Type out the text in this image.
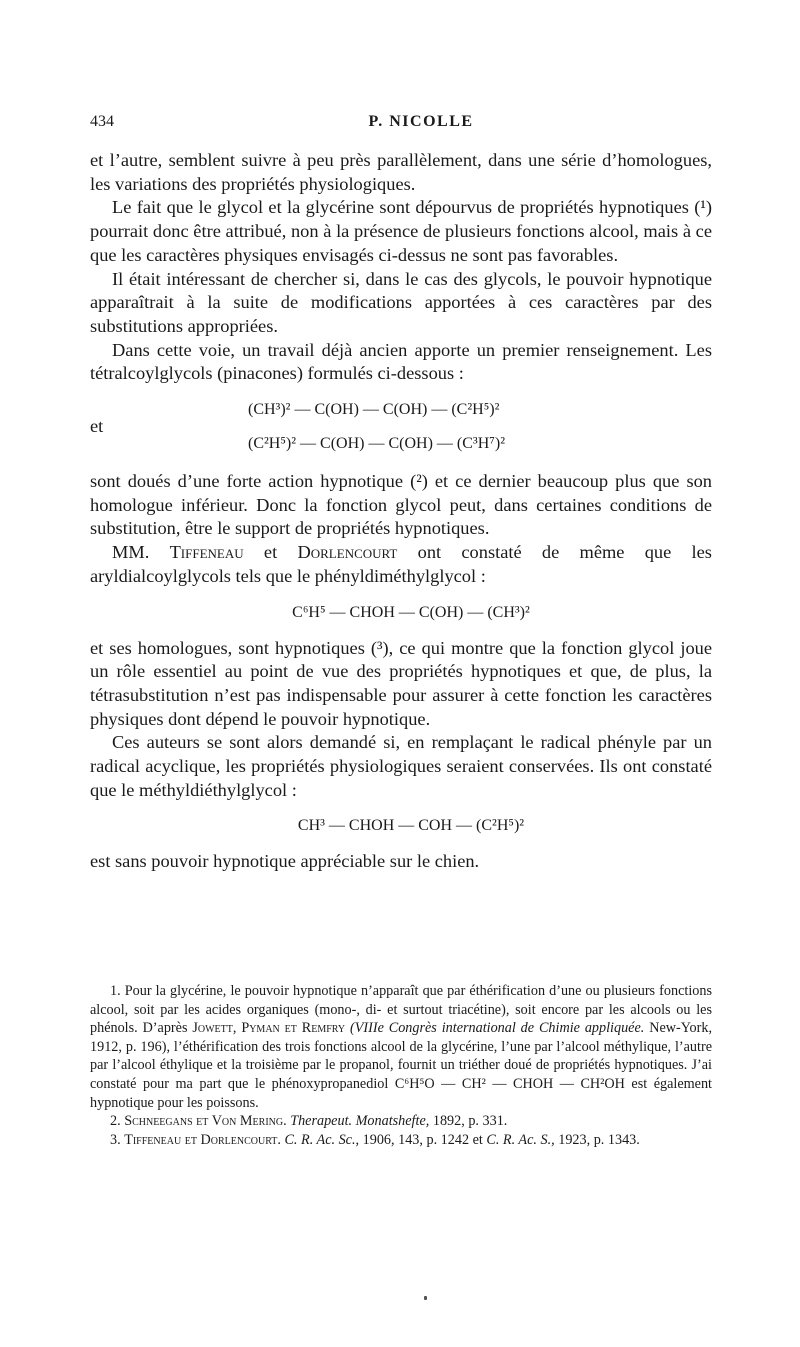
434	P. NICOLLE

et l’autre, semblent suivre à peu près parallèlement, dans une série d’homologues, les variations des propriétés physiologiques.

Le fait que le glycol et la glycérine sont dépourvus de propriétés hypnotiques (¹) pourrait donc être attribué, non à la présence de plusieurs fonctions alcool, mais à ce que les caractères physiques envisagés ci-dessus ne sont pas favorables.

Il était intéressant de chercher si, dans le cas des glycols, le pouvoir hypnotique apparaîtrait à la suite de modifications apportées à ces caractères par des substitutions appropriées.

Dans cette voie, un travail déjà ancien apporte un premier renseignement. Les tétralcoylglycols (pinacones) formulés ci-dessous :

(CH³)² — C(OH) — C(OH) — (C²H⁵)²
et
(C²H⁵)² — C(OH) — C(OH) — (C³H⁷)²

sont doués d’une forte action hypnotique (²) et ce dernier beaucoup plus que son homologue inférieur. Donc la fonction glycol peut, dans certaines conditions de substitution, être le support de propriétés hypnotiques.

MM. Tiffeneau et Dorlencourt ont constaté de même que les aryldialcoylglycols tels que le phényldiméthylglycol :

C⁶H⁵ — CHOH — C(OH) — (CH³)²

et ses homologues, sont hypnotiques (³), ce qui montre que la fonction glycol joue un rôle essentiel au point de vue des propriétés hypnotiques et que, de plus, la tétrasubstitution n’est pas indispensable pour assurer à cette fonction les caractères physiques dont dépend le pouvoir hypnotique.

Ces auteurs se sont alors demandé si, en remplaçant le radical phényle par un radical acyclique, les propriétés physiologiques seraient conservées. Ils ont constaté que le méthyldiéthylglycol :

CH³ — CHOH — COH — (C²H⁵)²

est sans pouvoir hypnotique appréciable sur le chien.

1. Pour la glycérine, le pouvoir hypnotique n’apparaît que par éthérification d’une ou plusieurs fonctions alcool, soit par les acides organiques (mono-, di- et surtout triacétine), soit encore par les alcools ou les phénols. D’après Jowett, Pyman et Remfry (VIIIe Congrès international de Chimie appliquée. New-York, 1912, p. 196), l’éthérification des trois fonctions alcool de la glycérine, l’une par l’alcool méthylique, l’autre par l’alcool éthylique et la troisième par le propanol, fournit un triéther doué de propriétés hypnotiques. J’ai constaté pour ma part que le phénoxypropanediol C⁶H⁵O — CH² — CHOH — CH²OH est également hypnotique pour les poissons.

2. Schneegans et Von Mering. Therapeut. Monatshefte, 1892, p. 331.

3. Tiffeneau et Dorlencourt. C. R. Ac. Sc., 1906, 143, p. 1242 et C. R. Ac. S., 1923, p. 1343.
